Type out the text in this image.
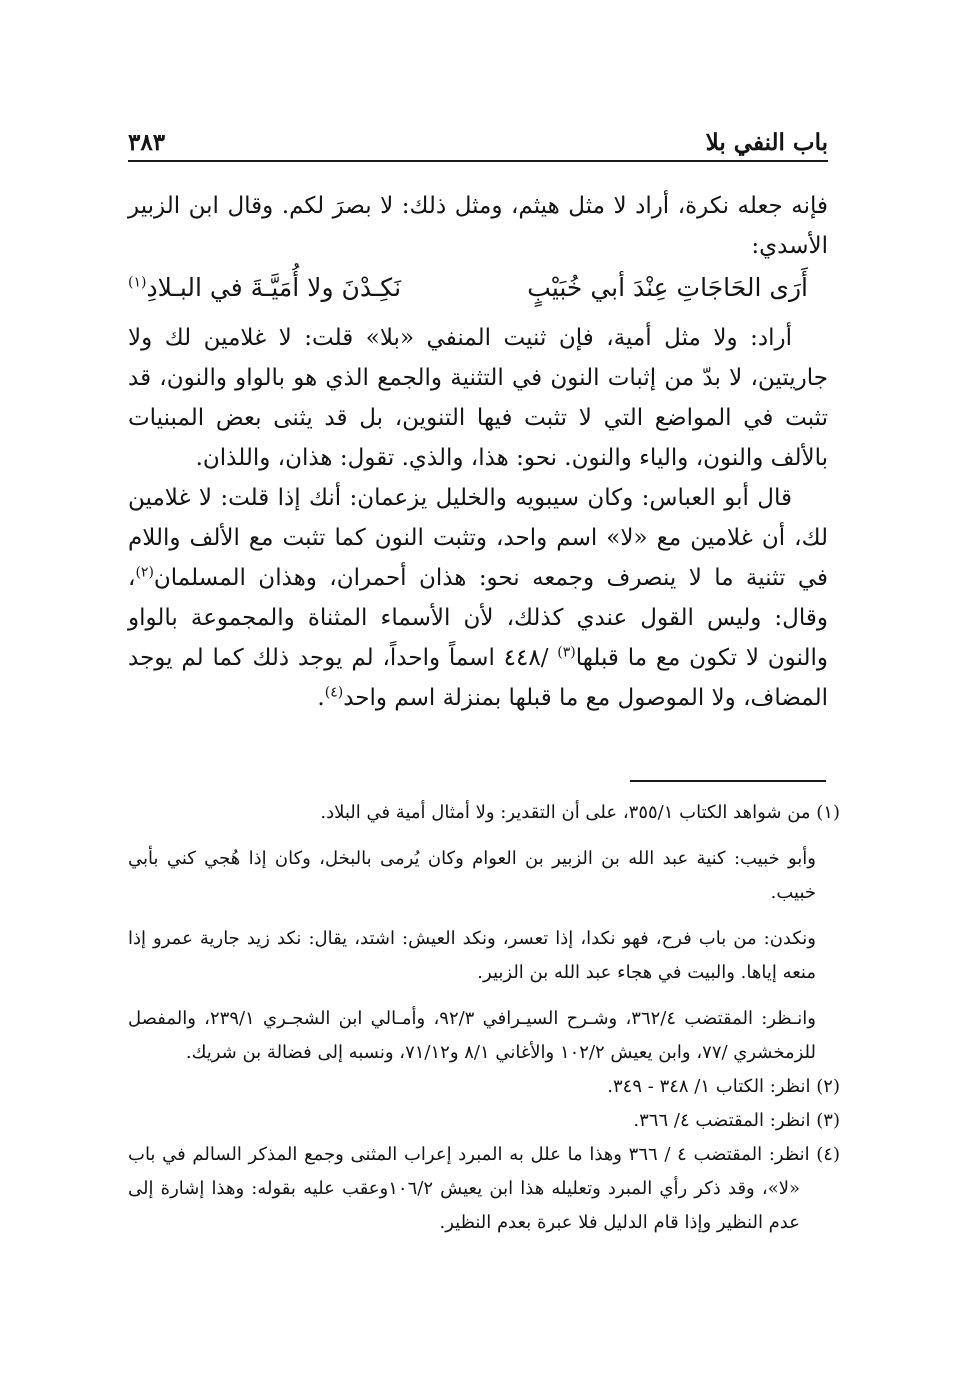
باب النفي بلا
٣٨٣

فإنه جعله نكرة، أراد لا مثل هيثم، ومثل ذلك: لا بصرَ لكم. وقال ابن الزبير الأسدي:

أَرَى الحَاجَاتِ عِنْدَ أبي خُبَيْبٍ
نَكِـدْنَ ولا أُمَيَّـةَ في البـلادِ$^{(١)}$

أراد: ولا مثل أمية، فإن ثنيت المنفي «بلا» قلت: لا غلامين لك ولا جاريتين، لا بدّ من إثبات النون في التثنية والجمع الذي هو بالواو والنون، قد تثبت في المواضع التي لا تثبت فيها التنوين، بل قد يثنى بعض المبنيات بالألف والنون، والياء والنون. نحو: هذا، والذي. تقول: هذان، واللذان.

قال أبو العباس: وكان سيبويه والخليل يزعمان: أنك إذا قلت: لا غلامين لك، أن غلامين مع «لا» اسم واحد، وتثبت النون كما تثبت مع الألف واللام في تثنية ما لا ينصرف وجمعه نحو: هذان أحمران، وهذان المسلمان$^{(٢)}$، وقال: وليس القول عندي كذلك، لأن الأسماء المثناة والمجموعة بالواو والنون لا تكون مع ما قبلها$^{(٣)}$ /٤٤٨ اسماً واحداً، لم يوجد ذلك كما لم يوجد المضاف، ولا الموصول مع ما قبلها بمنزلة اسم واحد$^{(٤)}$.

(١) من شواهد الكتاب ٣٥٥/١، على أن التقدير: ولا أمثال أمية في البلاد.

وأبو خبيب: كنية عبد الله بن الزبير بن العوام وكان يُرمى بالبخل، وكان إذا هُجي كني بأبي خبيب.

ونكدن: من باب فرح، فهو نكدا، إذا تعسر، ونكد العيش: اشتد، يقال: نكد زيد جارية عمرو إذا منعه إياها. والبيت في هجاء عبد الله بن الزبير.

وانـظر: المقتضب ٣٦٢/٤، وشـرح السيـرافي ٩٢/٣، وأمـالي ابن الشجـري ٢٣٩/١، والمفصل للزمخشري /٧٧، وابن يعيش ١٠٢/٢ والأغاني ٨/١ و٧١/١٢، ونسبه إلى فضالة بن شريك.

(٢) انظر: الكتاب ١/ ٣٤٨ - ٣٤٩.

(٣) انظر: المقتضب ٤/ ٣٦٦.

(٤) انظر: المقتضب ٤ / ٣٦٦ وهذا ما علل به المبرد إعراب المثنى وجمع المذكر السالم في باب «لا»، وقد ذكر رأي المبرد وتعليله هذا ابن يعيش ١٠٦/٢وعقب عليه بقوله: وهذا إشارة إلى عدم النظير وإذا قام الدليل فلا عبرة بعدم النظير.
